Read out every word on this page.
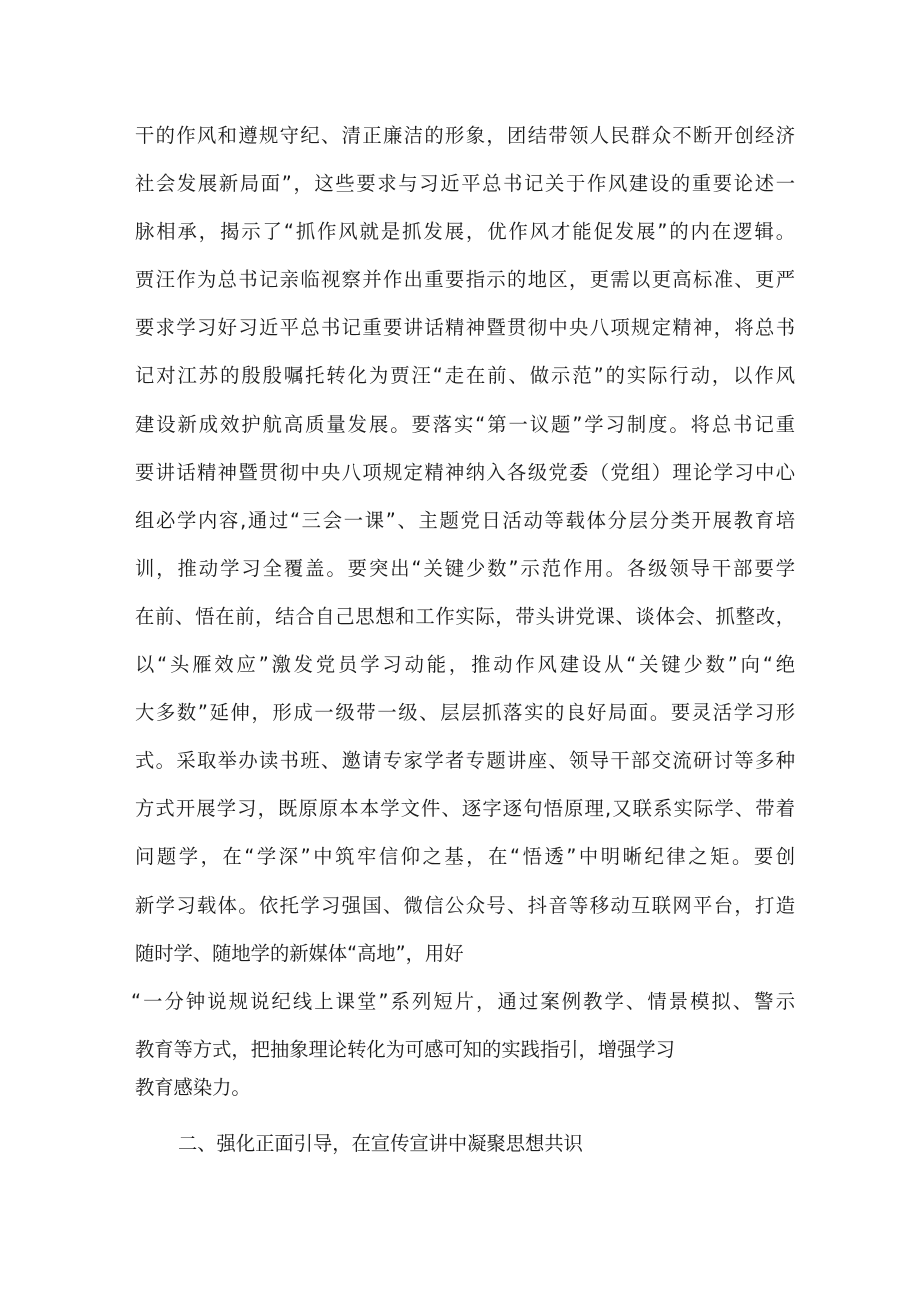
干的作风和遵规守纪、清正廉洁的形象，团结带领人民群众不断开创经济
社会发展新局面”，这些要求与习近平总书记关于作风建设的重要论述一
脉相承，揭示了“抓作风就是抓发展，优作风才能促发展”的内在逻辑。
贾汪作为总书记亲临视察并作出重要指示的地区，更需以更高标准、更严
要求学习好习近平总书记重要讲话精神暨贯彻中央八项规定精神，将总书
记对江苏的殷殷嘱托转化为贾汪“走在前、做示范”的实际行动，以作风
建设新成效护航高质量发展。要落实“第一议题”学习制度。将总书记重
要讲话精神暨贯彻中央八项规定精神纳入各级党委（党组）理论学习中心
组必学内容,通过“三会一课”、主题党日活动等载体分层分类开展教育培
训，推动学习全覆盖。要突出“关键少数”示范作用。各级领导干部要学
在前、悟在前，结合自己思想和工作实际，带头讲党课、谈体会、抓整改，
以“头雁效应”激发党员学习动能，推动作风建设从“关键少数”向“绝
大多数”延伸，形成一级带一级、层层抓落实的良好局面。要灵活学习形
式。采取举办读书班、邀请专家学者专题讲座、领导干部交流研讨等多种
方式开展学习，既原原本本学文件、逐字逐句悟原理,又联系实际学、带着
问题学，在“学深”中筑牢信仰之基，在“悟透”中明晰纪律之矩。要创
新学习载体。依托学习强国、微信公众号、抖音等移动互联网平台，打造
随时学、随地学的新媒体“高地”，用好
“一分钟说规说纪线上课堂”系列短片，通过案例教学、情景模拟、警示
教育等方式，把抽象理论转化为可感可知的实践指引，增强学习
教育感染力。
二、强化正面引导，在宣传宣讲中凝聚思想共识
